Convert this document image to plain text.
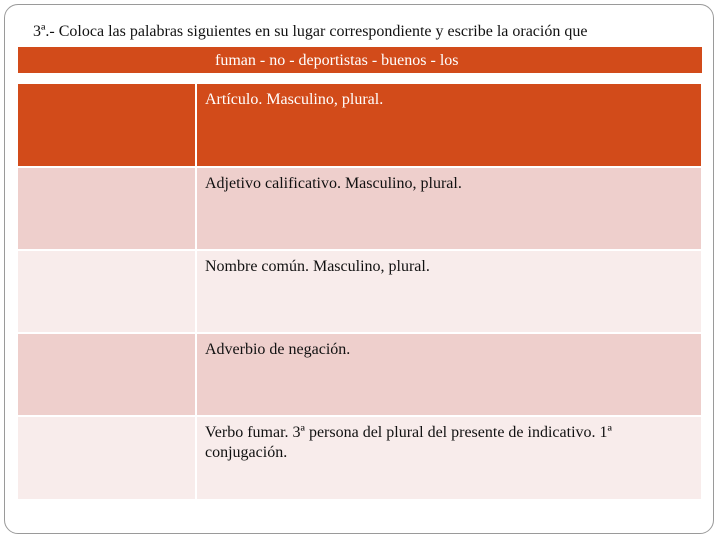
3ª.- Coloca las palabras siguientes en su lugar correspondiente y escribe la oración que
fuman - no - deportistas - buenos - los
Artículo. Masculino, plural.
Adjetivo calificativo. Masculino, plural.
Nombre común. Masculino, plural.
Adverbio de negación.
Verbo fumar. 3ª persona del plural del presente de indicativo. 1ª conjugación.
